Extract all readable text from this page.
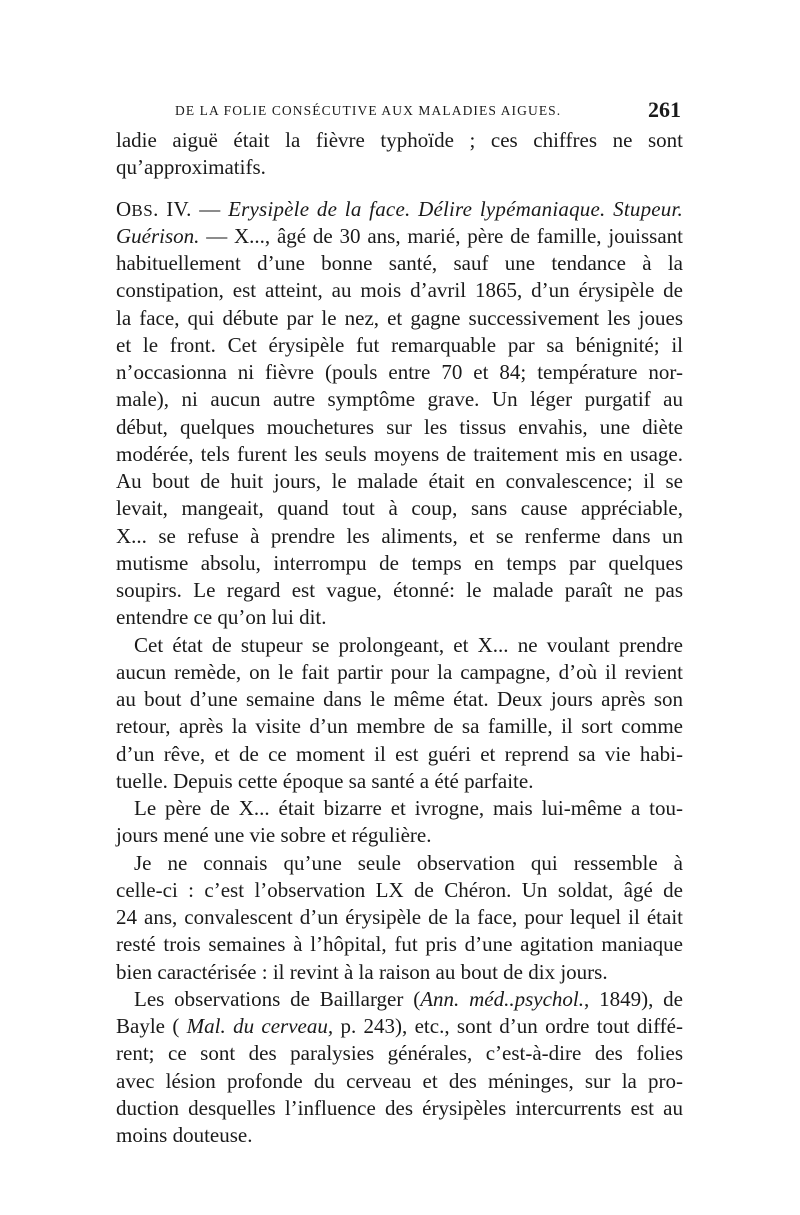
DE LA FOLIE CONSÉCUTIVE AUX MALADIES AIGUES.	261
ladie aiguë était la fièvre typhoïde ; ces chiffres ne sont
qu’approximatifs.
OBS. IV. — Erysipèle de la face. Délire lypémaniaque. Stupeur.
Guérison. — X..., âgé de 30 ans, marié, père de famille, jouissant
habituellement d’une bonne santé, sauf une tendance à la
constipation, est atteint, au mois d’avril 1865, d’un érysipèle de
la face, qui débute par le nez, et gagne successivement les joues
et le front. Cet érysipèle fut remarquable par sa bénignité; il
n’occasionna ni fièvre (pouls entre 70 et 84; température nor-
male), ni aucun autre symptôme grave. Un léger purgatif au
début, quelques mouchetures sur les tissus envahis, une diète
modérée, tels furent les seuls moyens de traitement mis en usage.
Au bout de huit jours, le malade était en convalescence; il se
levait, mangeait, quand tout à coup, sans cause appréciable,
X... se refuse à prendre les aliments, et se renferme dans un
mutisme absolu, interrompu de temps en temps par quelques
soupirs. Le regard est vague, étonné: le malade paraît ne pas
entendre ce qu’on lui dit.
Cet état de stupeur se prolongeant, et X... ne voulant prendre
aucun remède, on le fait partir pour la campagne, d’où il revient
au bout d’une semaine dans le même état. Deux jours après son
retour, après la visite d’un membre de sa famille, il sort comme
d’un rêve, et de ce moment il est guéri et reprend sa vie habi-
tuelle. Depuis cette époque sa santé a été parfaite.
Le père de X... était bizarre et ivrogne, mais lui-même a tou-
jours mené une vie sobre et régulière.
Je ne connais qu’une seule observation qui ressemble à
celle-ci : c’est l’observation LX de Chéron. Un soldat, âgé de
24 ans, convalescent d’un érysipèle de la face, pour lequel il était
resté trois semaines à l’hôpital, fut pris d’une agitation maniaque
bien caractérisée : il revint à la raison au bout de dix jours.
Les observations de Baillarger (Ann. méd..psychol., 1849), de
Bayle ( Mal. du cerveau, p. 243), etc., sont d’un ordre tout diffé-
rent; ce sont des paralysies générales, c’est-à-dire des folies
avec lésion profonde du cerveau et des méninges, sur la pro-
duction desquelles l’influence des érysipèles intercurrents est au
moins douteuse.
